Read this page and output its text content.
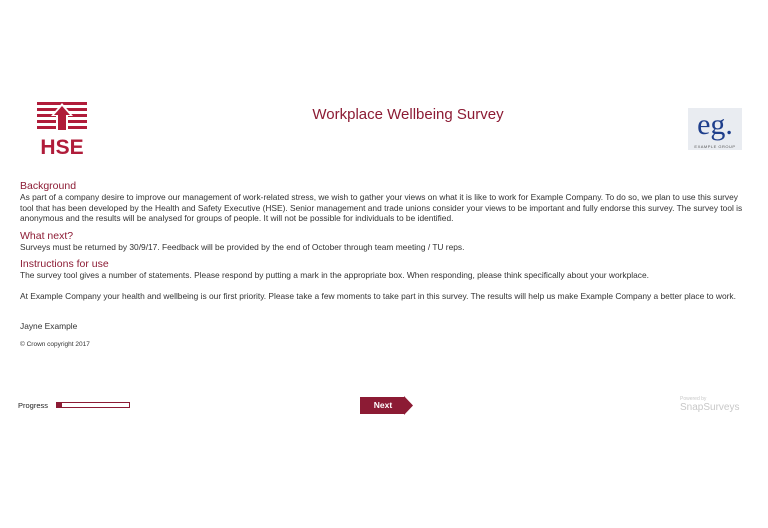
HSE
Workplace Wellbeing Survey	eg.
EXAMPLE GROUP
Background

As part of a company desire to improve our management of work-related stress, we wish to gather your views on what it is like to work for Example Company. To do so, we plan to use this survey tool that has been developed by the Health and Safety Executive (HSE). Senior management and trade unions consider your views to be important and fully endorse this survey. The survey tool is anonymous and the results will be analysed for groups of people. It will not be possible for individuals to be identified.

What next?

Surveys must be returned by 30/9/17. Feedback will be provided by the end of October through team meeting / TU reps.

Instructions for use

The survey tool gives a number of statements. Please respond by putting a mark in the appropriate box. When responding, please think specifically about your workplace.

At Example Company your health and wellbeing is our first priority. Please take a few moments to take part in this survey. The results will help us make Example Company a better place to work.

Jayne Example
© Crown copyright 2017
Progress	Next
Powered by
SnapSurveys
